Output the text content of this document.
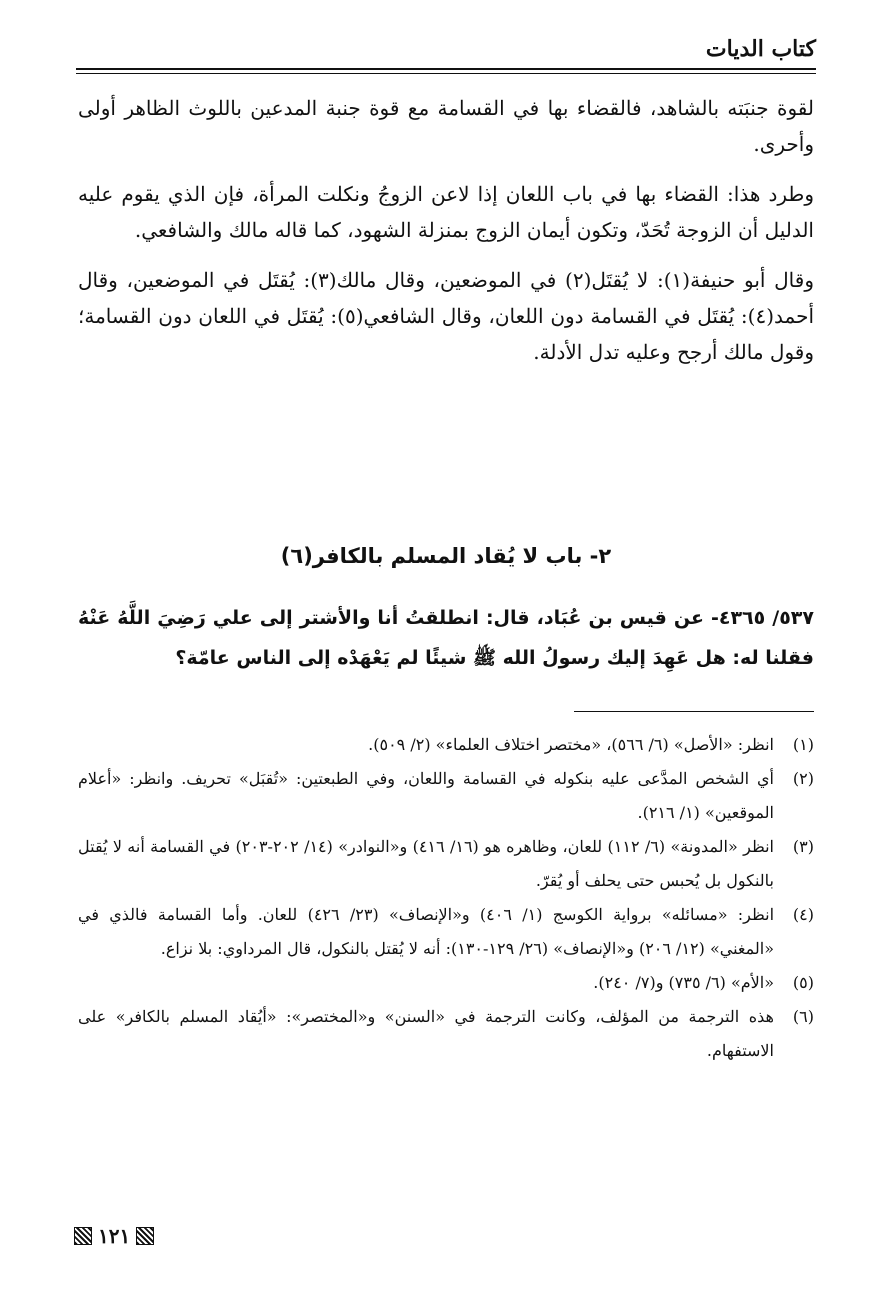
كتاب الديات

لقوة جنبَته بالشاهد، فالقضاء بها في القسامة مع قوة جنبة المدعين باللوث الظاهر أولى وأحرى.

وطرد هذا: القضاء بها في باب اللعان إذا لاعن الزوجُ ونكلت المرأة، فإن الذي يقوم عليه الدليل أن الزوجة تُحَدّ، وتكون أيمان الزوج بمنزلة الشهود، كما قاله مالك والشافعي.

وقال أبو حنيفة(١): لا يُقتَل(٢) في الموضعين، وقال مالك(٣): يُقتَل في الموضعين، وقال أحمد(٤): يُقتَل في القسامة دون اللعان، وقال الشافعي(٥): يُقتَل في اللعان دون القسامة؛ وقول مالك أرجح وعليه تدل الأدلة.

٢- باب لا يُقاد المسلم بالكافر(٦)
٥٣٧/ ٤٣٦٥- عن قيس بن عُبَاد، قال: انطلقتُ أنا والأشتر إلى علي رَضِيَ اللَّهُ عَنْهُ فقلنا له: هل عَهِدَ إليك رسولُ الله ﷺ شيئًا لم يَعْهَدْه إلى الناس عامّة؟
(١)
انظر: «الأصل» (٦/ ٥٦٦)، «مختصر اختلاف العلماء» (٢/ ٥٠٩).
(٢)
أي الشخص المدَّعى عليه بنكوله في القسامة واللعان، وفي الطبعتين: «تُقبَل» تحريف. وانظر: «أعلام الموقعين» (١/ ٢١٦).
(٣)
انظر «المدونة» (٦/ ١١٢) للعان، وظاهره هو (١٦/ ٤١٦) و«النوادر» (١٤/ ٢٠٢-٢٠٣) في القسامة أنه لا يُقتل بالنكول بل يُحبس حتى يحلف أو يُقرّ.
(٤)
انظر: «مسائله» برواية الكوسج (١/ ٤٠٦) و«الإنصاف» (٢٣/ ٤٢٦) للعان. وأما القسامة فالذي في «المغني» (١٢/ ٢٠٦) و«الإنصاف» (٢٦/ ١٢٩-١٣٠): أنه لا يُقتل بالنكول، قال المرداوي: بلا نزاع.
(٥)
«الأم» (٦/ ٧٣٥) و(٧/ ٢٤٠).
(٦)
هذه الترجمة من المؤلف، وكانت الترجمة في «السنن» و«المختصر»: «أيُقاد المسلم بالكافر» على الاستفهام.
١٢١
